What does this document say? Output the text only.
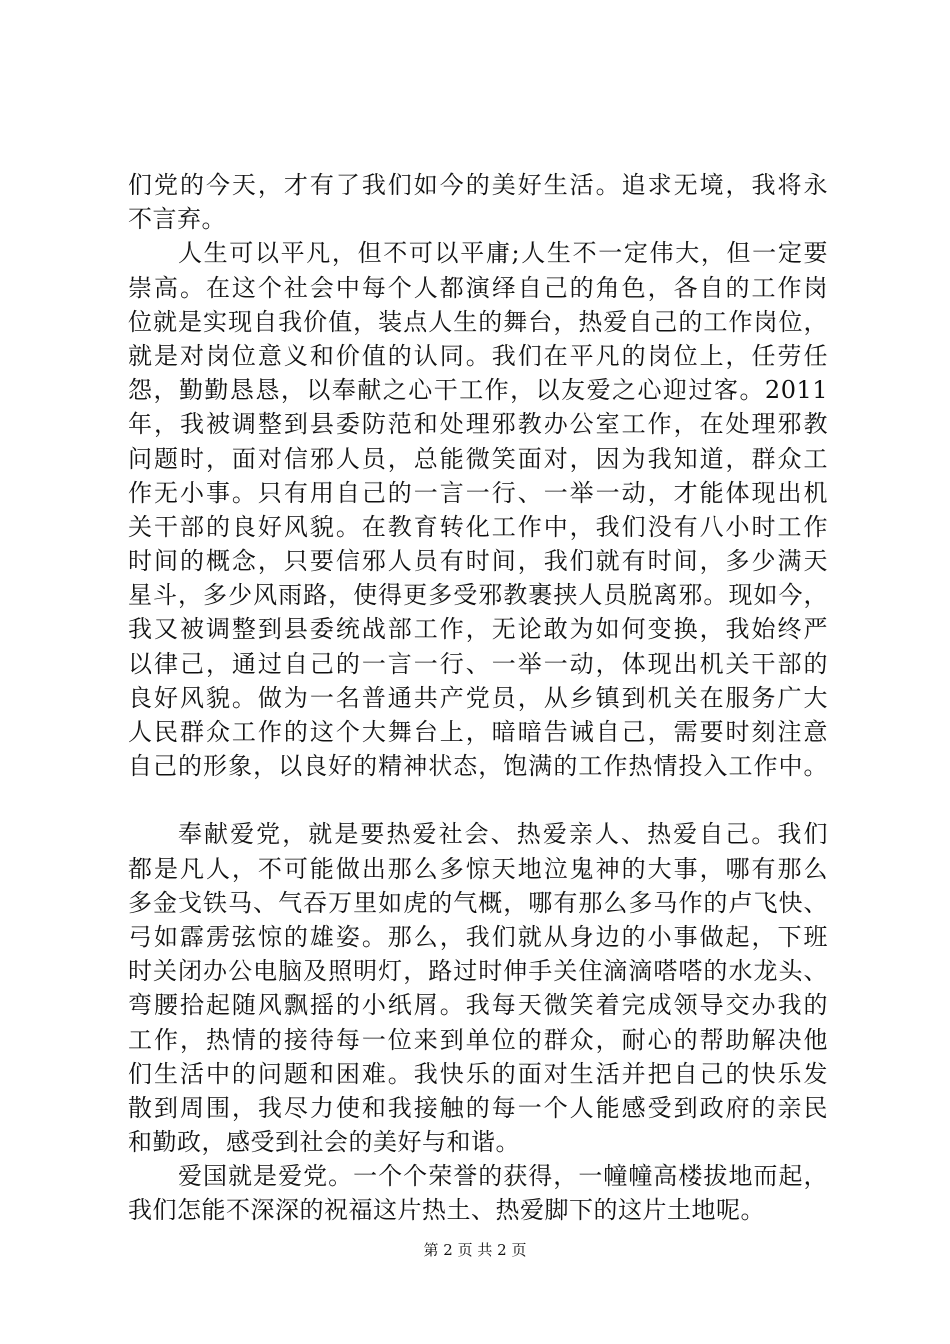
们党的今天，才有了我们如今的美好生活。追求无境，我将永
不言弃。
人生可以平凡，但不可以平庸;人生不一定伟大，但一定要
崇高。在这个社会中每个人都演绎自己的角色，各自的工作岗
位就是实现自我价值，装点人生的舞台，热爱自己的工作岗位，
就是对岗位意义和价值的认同。我们在平凡的岗位上，任劳任
怨，勤勤恳恳，以奉献之心干工作，以友爱之心迎过客。2011
年，我被调整到县委防范和处理邪教办公室工作，在处理邪教
问题时，面对信邪人员，总能微笑面对，因为我知道，群众工
作无小事。只有用自己的一言一行、一举一动，才能体现出机
关干部的良好风貌。在教育转化工作中，我们没有八小时工作
时间的概念，只要信邪人员有时间，我们就有时间，多少满天
星斗，多少风雨路，使得更多受邪教裹挟人员脱离邪。现如今，
我又被调整到县委统战部工作，无论敢为如何变换，我始终严
以律己，通过自己的一言一行、一举一动，体现出机关干部的
良好风貌。做为一名普通共产党员，从乡镇到机关在服务广大
人民群众工作的这个大舞台上，暗暗告诫自己，需要时刻注意
自己的形象，以良好的精神状态，饱满的工作热情投入工作中。
奉献爱党，就是要热爱社会、热爱亲人、热爱自己。我们
都是凡人，不可能做出那么多惊天地泣鬼神的大事，哪有那么
多金戈铁马、气吞万里如虎的气概，哪有那么多马作的卢飞快、
弓如霹雳弦惊的雄姿。那么，我们就从身边的小事做起，下班
时关闭办公电脑及照明灯，路过时伸手关住滴滴嗒嗒的水龙头、
弯腰拾起随风飘摇的小纸屑。我每天微笑着完成领导交办我的
工作，热情的接待每一位来到单位的群众，耐心的帮助解决他
们生活中的问题和困难。我快乐的面对生活并把自己的快乐发
散到周围，我尽力使和我接触的每一个人能感受到政府的亲民
和勤政，感受到社会的美好与和谐。
爱国就是爱党。一个个荣誉的获得，一幢幢高楼拔地而起，
我们怎能不深深的祝福这片热土、热爱脚下的这片土地呢。
第 2 页 共 2 页
